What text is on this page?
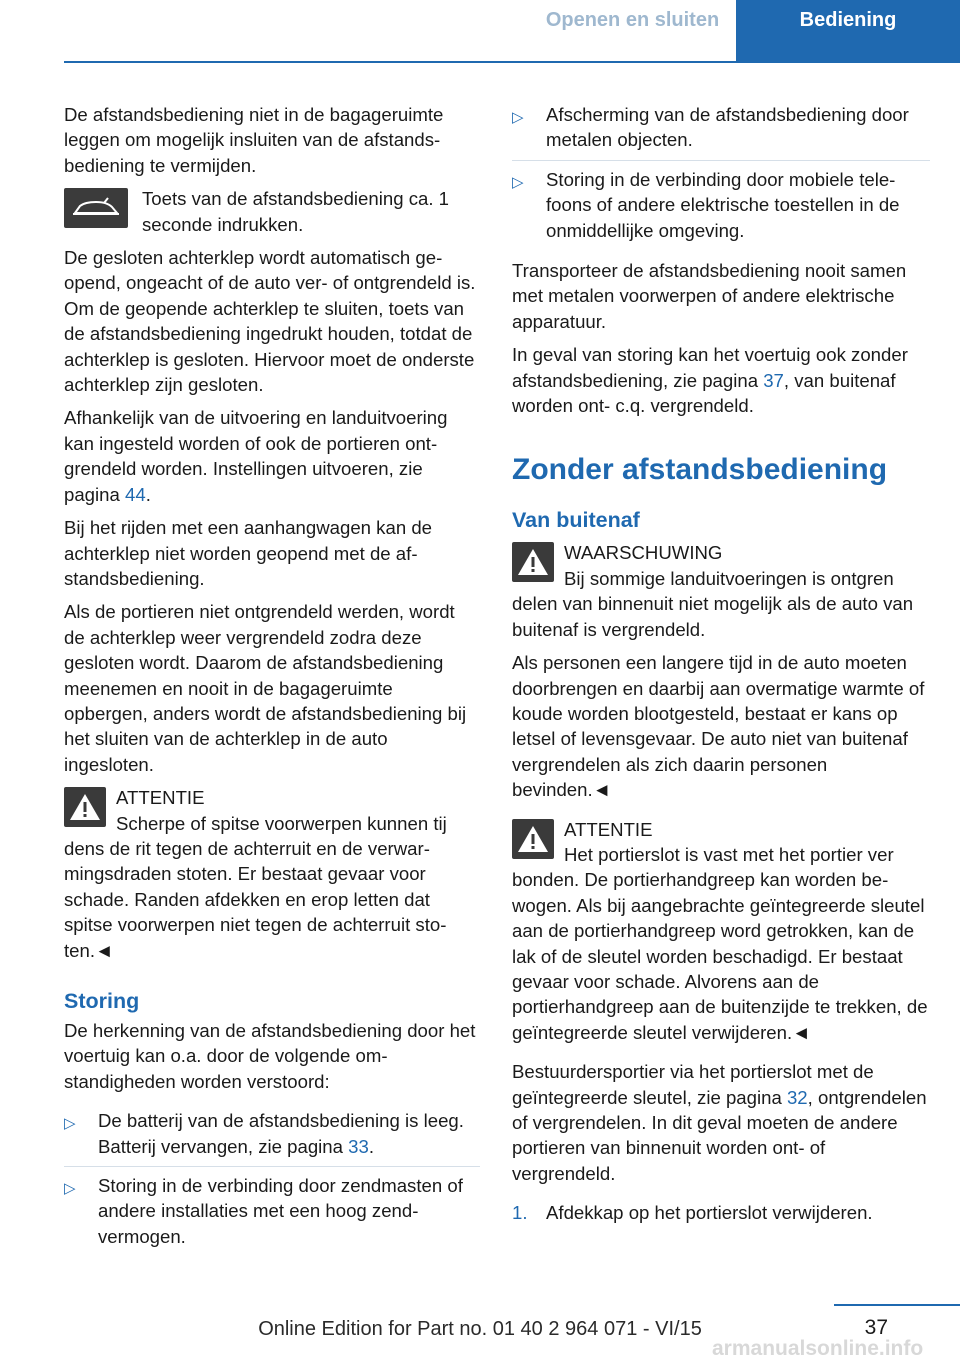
Openen en sluiten	Bediening

De afstandsbediening niet in de bagageruimte leggen om mogelijk insluiten van de afstandsbediening te vermijden.

Toets van de afstandsbediening ca. 1 seconde indrukken.

De gesloten achterklep wordt automatisch geopend, ongeacht of de auto ver- of ontgrendeld is. Om de geopende achterklep te sluiten, toets van de afstandsbediening ingedrukt houden, totdat de achterklep is gesloten. Hiervoor moet de onderste achterklep zijn gesloten.

Afhankelijk van de uitvoering en landuitvoering kan ingesteld worden of ook de portieren ontgrendeld worden. Instellingen uitvoeren, zie pagina 44.

Bij het rijden met een aanhangwagen kan de achterklep niet worden geopend met de afstandsbediening.

Als de portieren niet ontgrendeld werden, wordt de achterklep weer vergrendeld zodra deze gesloten wordt. Daarom de afstandsbediening meenemen en nooit in de bagageruimte opbergen, anders wordt de afstandsbediening bij het sluiten van de achterklep in de auto ingesloten.

ATTENTIE
Scherpe of spitse voorwerpen kunnen tij
dens de rit tegen de achterruit en de verwarmingsdraden stoten. Er bestaat gevaar voor schade. Randen afdekken en erop letten dat spitse voorwerpen niet tegen de achterruit stoten.◄
Storing

De herkenning van de afstandsbediening door het voertuig kan o.a. door de volgende omstandigheden worden verstoord:

▷	De batterij van de afstandsbediening is leeg. Batterij vervangen, zie pagina 33.
▷	Storing in de verbinding door zendmasten of andere installaties met een hoog zendvermogen.
▷	Afscherming van de afstandsbediening door metalen objecten.
▷	Storing in de verbinding door mobiele telefoons of andere elektrische toestellen in de onmiddellijke omgeving.

Transporteer de afstandsbediening nooit samen met metalen voorwerpen of andere elektrische apparatuur.

In geval van storing kan het voertuig ook zonder afstandsbediening, zie pagina 37, van buitenaf worden ont- c.q. vergrendeld.

Zonder afstandsbediening
Van buitenaf
WAARSCHUWING
Bij sommige landuitvoeringen is ontgren
delen van binnenuit niet mogelijk als de auto van buitenaf is vergrendeld.

Als personen een langere tijd in de auto moeten doorbrengen en daarbij aan overmatige warmte of koude worden blootgesteld, bestaat er kans op letsel of levensgevaar. De auto niet van buitenaf vergrendelen als zich daarin personen bevinden.◄

ATTENTIE
Het portierslot is vast met het portier ver
bonden. De portierhandgreep kan worden bewogen. Als bij aangebrachte geïntegreerde sleutel aan de portierhandgreep word getrokken, kan de lak of de sleutel worden beschadigd. Er bestaat gevaar voor schade. Alvorens aan de portierhandgreep aan de buitenzijde te trekken, de geïntegreerde sleutel verwijderen.◄

Bestuurdersportier via het portierslot met de geïntegreerde sleutel, zie pagina 32, ontgrendelen of vergrendelen. In dit geval moeten de andere portieren van binnenuit worden ont- of vergrendeld.

1. Afdekkap op het portierslot verwijderen.
37
Online Edition for Part no. 01 40 2 964 071 - VI/15
armanualsonline.info
